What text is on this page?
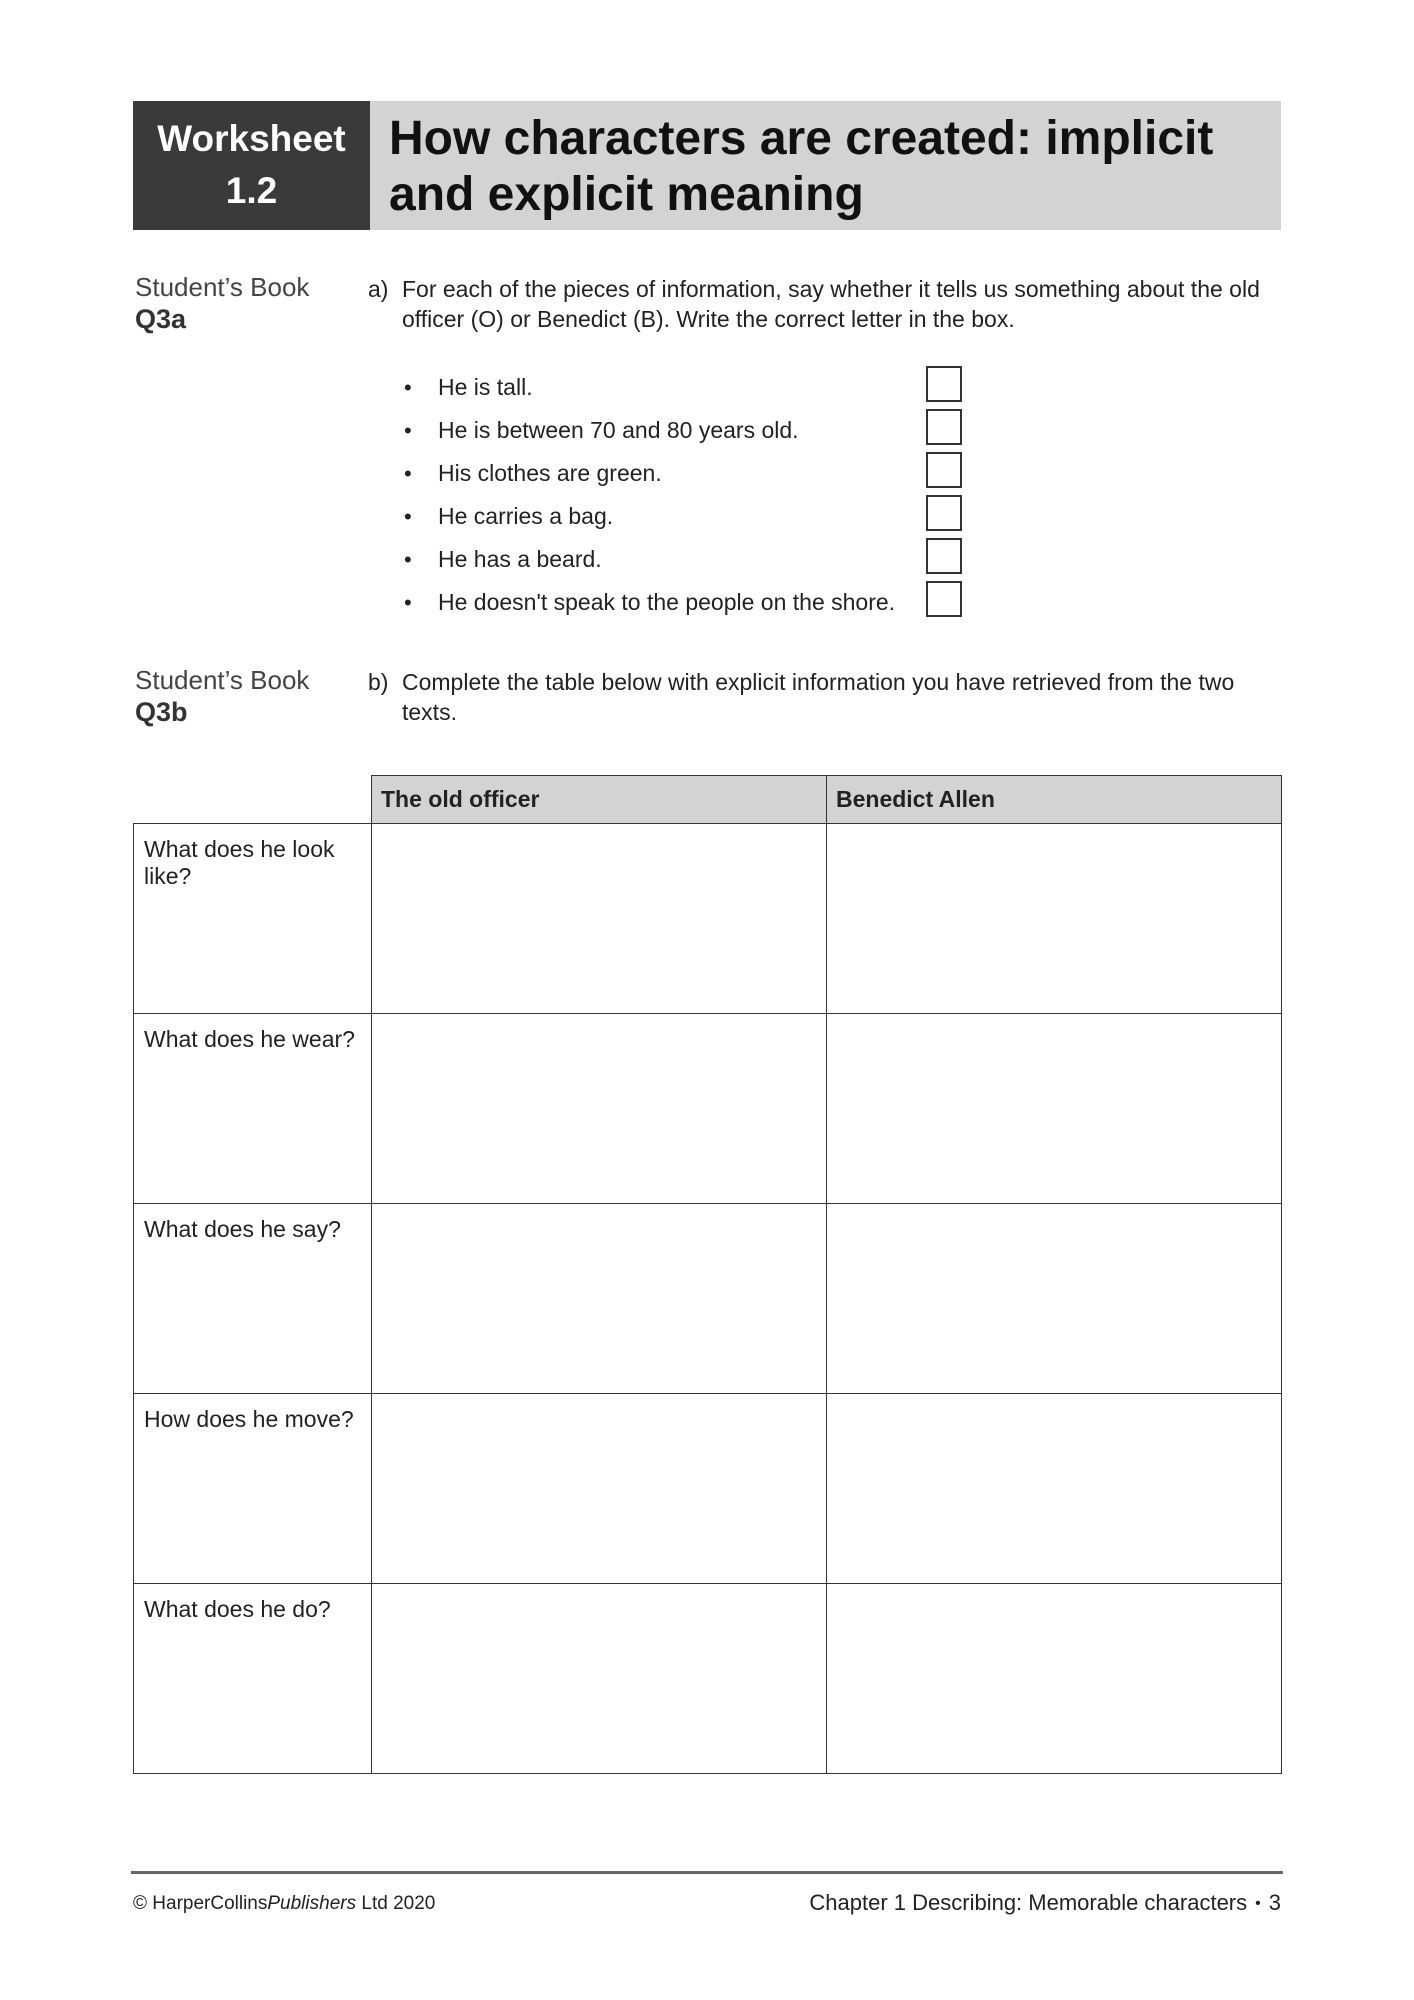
Worksheet
1.2
How characters are created: implicit
and explicit meaning
Student’s Book
Q3a
a) For each of the pieces of information, say whether it tells us something about the old officer (O) or Benedict (B). Write the correct letter in the box.
• He is tall.
• He is between 70 and 80 years old.
• His clothes are green.
• He carries a bag.
• He has a beard.
• He doesn't speak to the people on the shore.
Student’s Book
Q3b
b) Complete the table below with explicit information you have retrieved from the two texts.
	The old officer	Benedict Allen
What does he look like?		
What does he wear?		
What does he say?		
How does he move?		
What does he do?		
© HarperCollinsPublishers Ltd 2020	Chapter 1 Describing: Memorable characters • 3
